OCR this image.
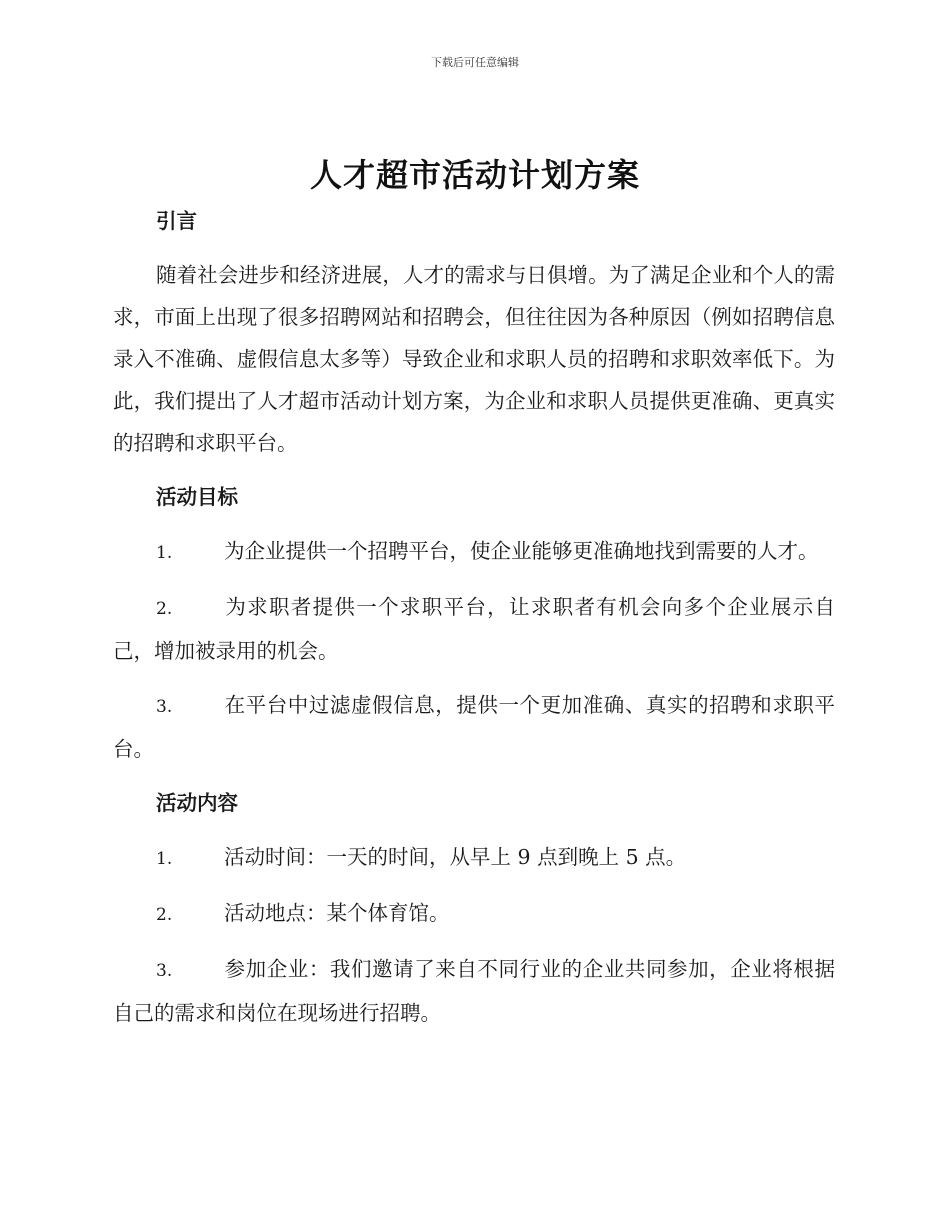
下载后可任意编辑
人才超市活动计划方案
引言

随着社会进步和经济进展，人才的需求与日俱增。为了满足企业和个人的需求，市面上出现了很多招聘网站和招聘会，但往往因为各种原因（例如招聘信息录入不准确、虚假信息太多等）导致企业和求职人员的招聘和求职效率低下。为此，我们提出了人才超市活动计划方案，为企业和求职人员提供更准确、更真实的招聘和求职平台。

活动目标

1.	为企业提供一个招聘平台，使企业能够更准确地找到需要的人才。

2.	为求职者提供一个求职平台，让求职者有机会向多个企业展示自己，增加被录用的机会。

3.	在平台中过滤虚假信息，提供一个更加准确、真实的招聘和求职平台。

活动内容

1.	活动时间：一天的时间，从早上 9 点到晚上 5 点。

2.	活动地点：某个体育馆。

3.	参加企业：我们邀请了来自不同行业的企业共同参加，企业将根据自己的需求和岗位在现场进行招聘。
